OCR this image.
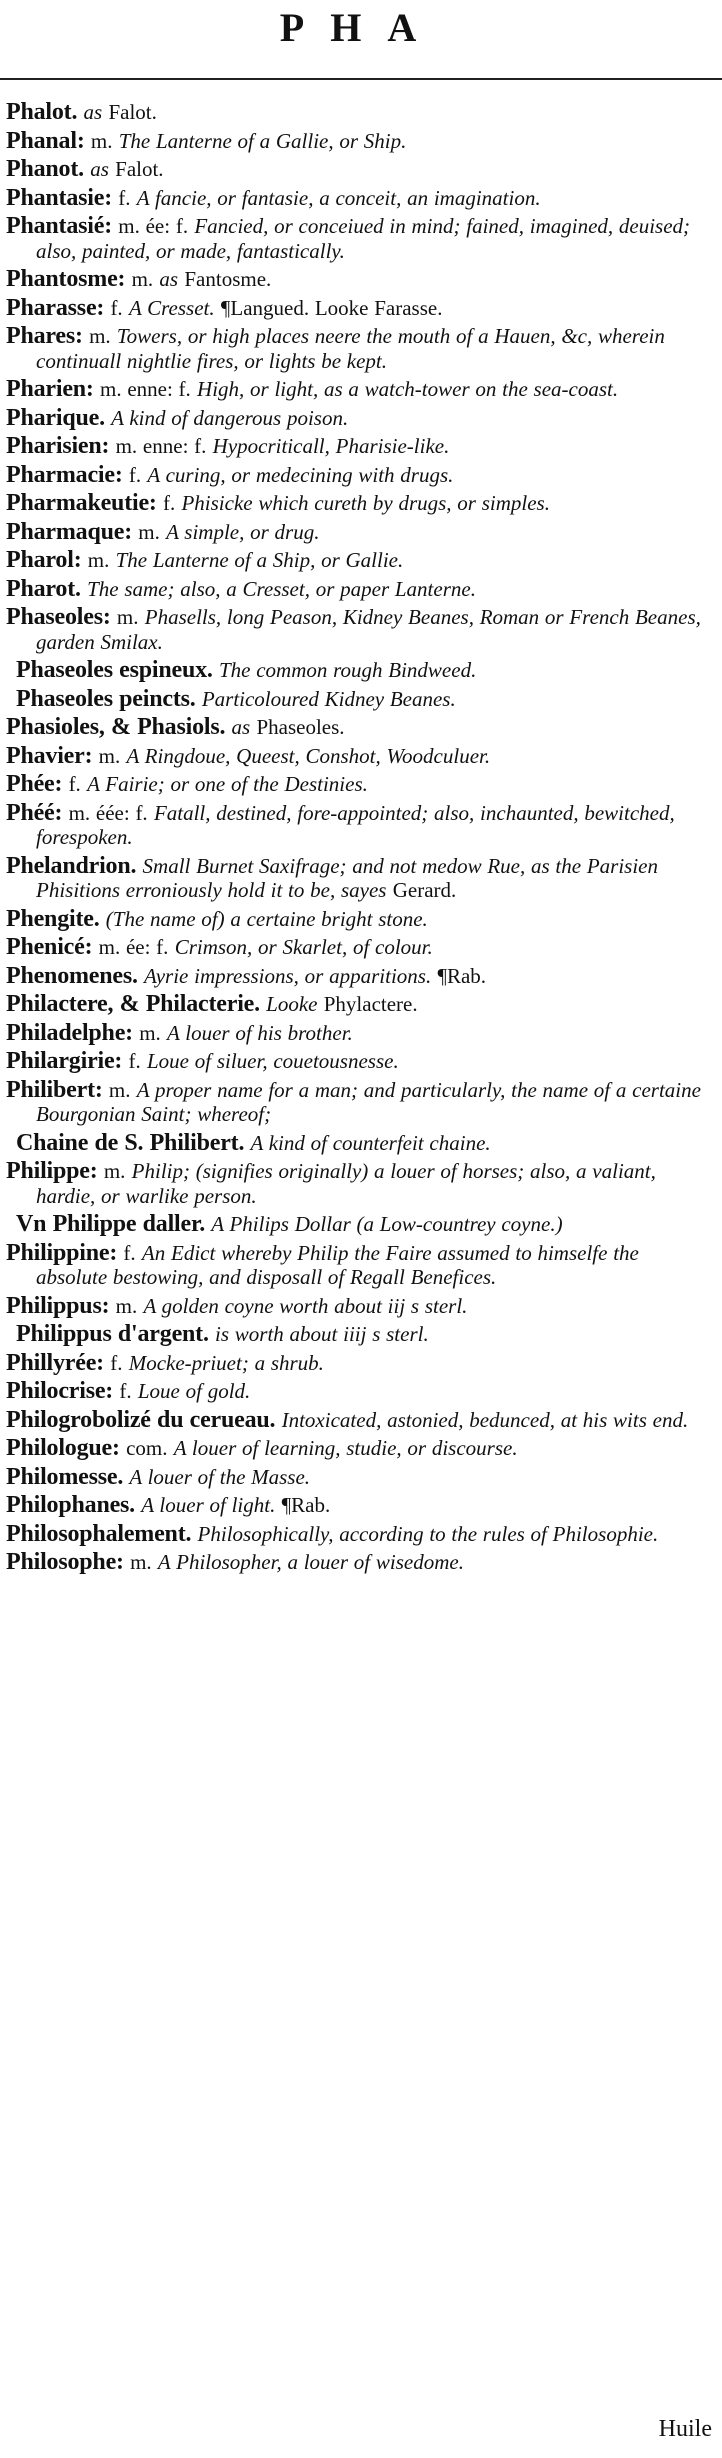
PHA

Phalot. as Falot.

Phanal: m. The Lanterne of a Gallie, or Ship.

Phanot. as Falot.

Phantasie: f. A fancie, or fantasie, a conceit, an imagination.

Phantasié: m. ée: f. Fancied, or conceiued in mind; fained, imagined, deuised; also, painted, or made, fantastically.

Phantosme: m. as Fantosme.

Pharasse: f. A Cresset. ¶Langued. Looke Farasse.

Phares: m. Towers, or high places neere the mouth of a Hauen, &c, wherein continuall nightlie fires, or lights be kept.

Pharien: m. enne: f. High, or light, as a watch-tower on the sea-coast.

Pharique. A kind of dangerous poison.

Pharisien: m. enne: f. Hypocriticall, Pharisie-like.

Pharmacie: f. A curing, or medecining with drugs.

Pharmakeutie: f. Phisicke which cureth by drugs, or simples.

Pharmaque: m. A simple, or drug.

Pharol: m. The Lanterne of a Ship, or Gallie.

Pharot. The same; also, a Cresset, or paper Lanterne.

Phaseoles: m. Phasells, long Peason, Kidney Beanes, Roman or French Beanes, garden Smilax.

Phaseoles espineux. The common rough Bindweed.

Phaseoles peincts. Particoloured Kidney Beanes.

Phasioles, & Phasiols. as Phaseoles.

Phavier: m. A Ringdoue, Queest, Conshot, Woodculuer.

Phée: f. A Fairie; or one of the Destinies.

Phéé: m. éée: f. Fatall, destined, fore-appointed; also, inchaunted, bewitched, forespoken.

Phelandrion. Small Burnet Saxifrage; and not medow Rue, as the Parisien Phisitions erroniously hold it to be, sayes Gerard.

Phengite. (The name of) a certaine bright stone.

Phenicé: m. ée: f. Crimson, or Skarlet, of colour.

Phenomenes. Ayrie impressions, or apparitions. ¶Rab.

Philactere, & Philacterie. Looke Phylactere.

Philadelphe: m. A louer of his brother.

Philargirie: f. Loue of siluer, couetousnesse.

Philibert: m. A proper name for a man; and particularly, the name of a certaine Bourgonian Saint; whereof;

Chaine de S. Philibert. A kind of counterfeit chaine.

Philippe: m. Philip; (signifies originally) a louer of horses; also, a valiant, hardie, or warlike person.

Vn Philippe daller. A Philips Dollar (a Low-countrey coyne.)

Philippine: f. An Edict whereby Philip the Faire assumed to himselfe the absolute bestowing, and disposall of Regall Benefices.

Philippus: m. A golden coyne worth about iij s sterl.

Philippus d'argent. is worth about iiij s sterl.

Phillyrée: f. Mocke-priuet; a shrub.

Philocrise: f. Loue of gold.

Philogrobolizé du cerueau. Intoxicated, astonied, bedunced, at his wits end.

Philologue: com. A louer of learning, studie, or discourse.

Philomesse. A louer of the Masse.

Philophanes. A louer of light. ¶Rab.

Philosophalement. Philosophically, according to the rules of Philosophie.

Philosophe: m. A Philosopher, a louer of wisedome.

Huile
